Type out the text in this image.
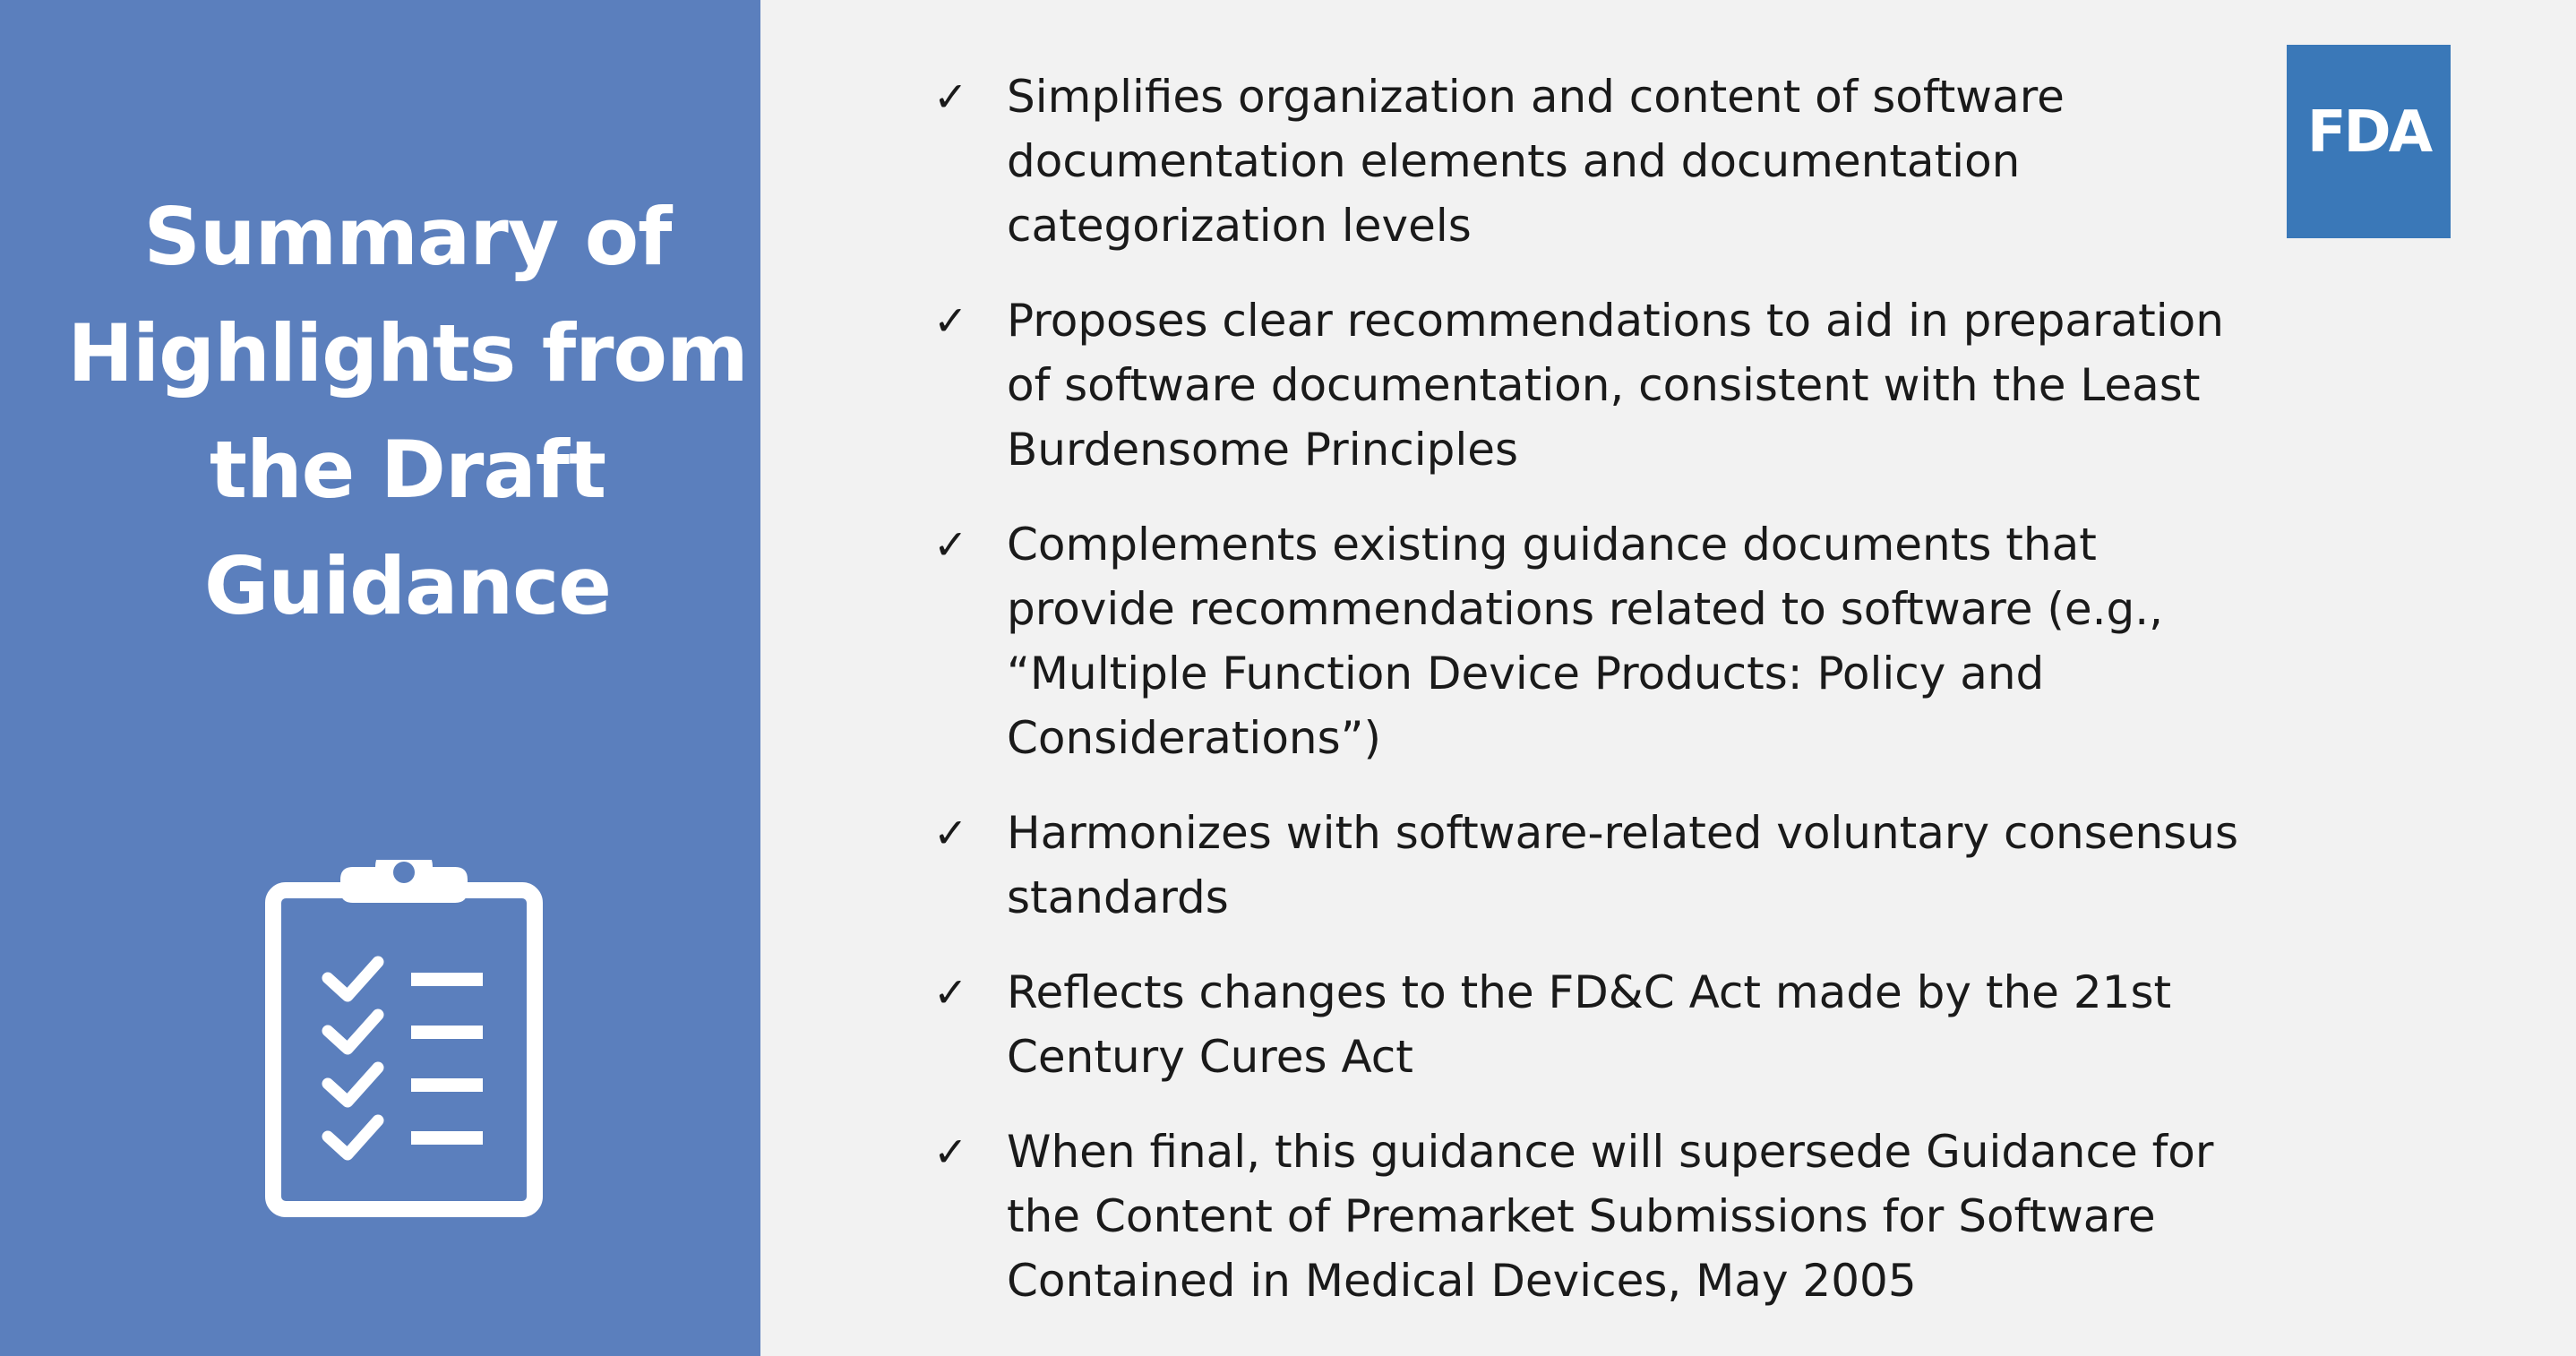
Summary of
Highlights from
the Draft
Guidance
FDA
✓ Simplifies organization and content of software documentation elements and documentation categorization levels
✓ Proposes clear recommendations to aid in preparation of software documentation, consistent with the Least Burdensome Principles
✓ Complements existing guidance documents that provide recommendations related to software (e.g., “Multiple Function Device Products: Policy and Considerations”)
✓ Harmonizes with software-related voluntary consensus standards
✓ Reflects changes to the FD&C Act made by the 21st Century Cures Act
✓ When final, this guidance will supersede Guidance for the Content of Premarket Submissions for Software Contained in Medical Devices, May 2005
